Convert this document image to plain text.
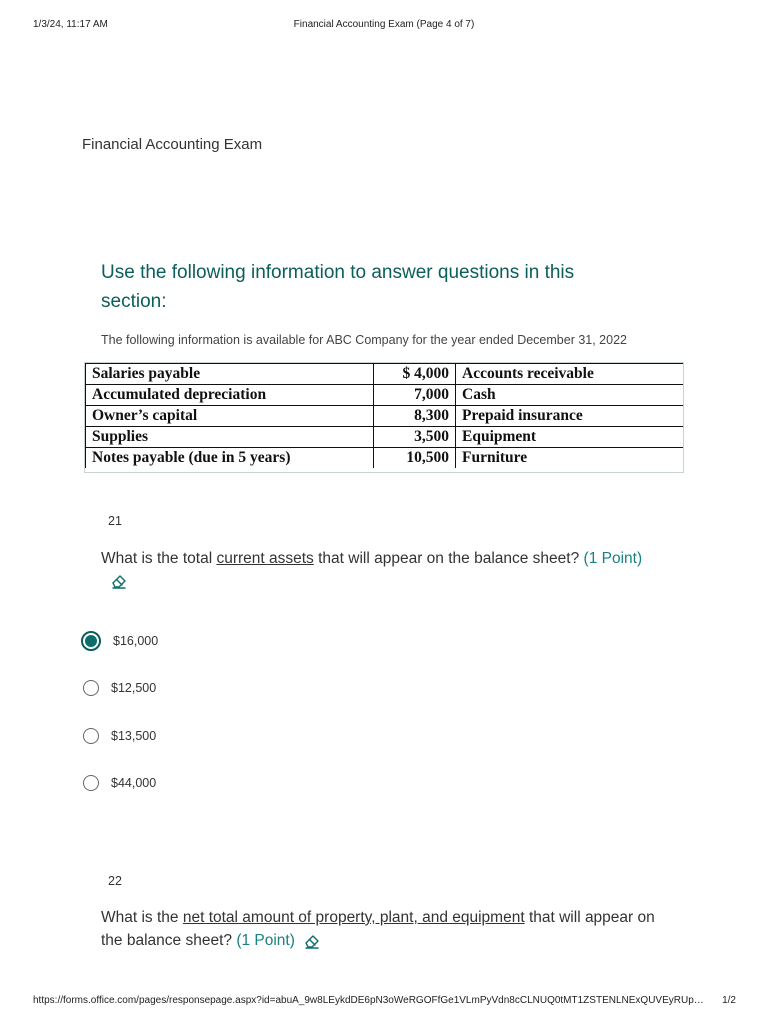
1/3/24, 11:17 AM	Financial Accounting Exam (Page 4 of 7)
Financial Accounting Exam
Use the following information to answer questions in this section:
The following information is available for ABC Company for the year ended December 31, 2022
Salaries payable	$ 4,000	Accounts receivable
Accumulated depreciation	7,000	Cash
Owner’s capital	8,300	Prepaid insurance
Supplies	3,500	Equipment
Notes payable (due in 5 years)	10,500	Furniture
21
What is the total current assets that will appear on the balance sheet? (1 Point)
$16,000
$12,500
$13,500
$44,000
22
What is the net total amount of property, plant, and equipment that will appear on the balance sheet? (1 Point)
https://forms.office.com/pages/responsepage.aspx?id=abuA_9w8LEykdDE6pN3oWeRGOFfGe1VLmPyVdn8cCLNUQ0tMT1ZSTENLNExQUVEyRUp… 1/2
